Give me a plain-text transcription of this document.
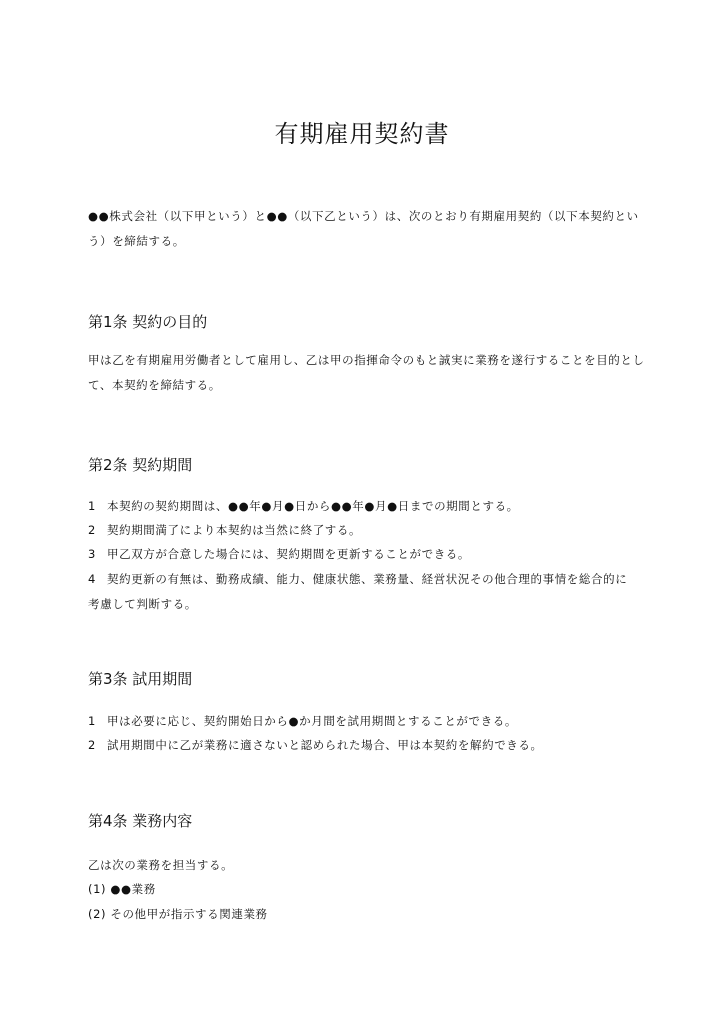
有期雇用契約書
●●株式会社（以下甲という）と●●（以下乙という）は、次のとおり有期雇用契約（以下本契約という）を締結する。
第1条 契約の目的
甲は乙を有期雇用労働者として雇用し、乙は甲の指揮命令のもと誠実に業務を遂行することを目的として、本契約を締結する。
第2条 契約期間
1 本契約の契約期間は、●●年●月●日から●●年●月●日までの期間とする。
2 契約期間満了により本契約は当然に終了する。
3 甲乙双方が合意した場合には、契約期間を更新することができる。
4 契約更新の有無は、勤務成績、能力、健康状態、業務量、経営状況その他合理的事情を総合的に
考慮して判断する。
第3条 試用期間
1 甲は必要に応じ、契約開始日から●か月間を試用期間とすることができる。
2 試用期間中に乙が業務に適さないと認められた場合、甲は本契約を解約できる。
第4条 業務内容
乙は次の業務を担当する。
(1) ●●業務
(2) その他甲が指示する関連業務
